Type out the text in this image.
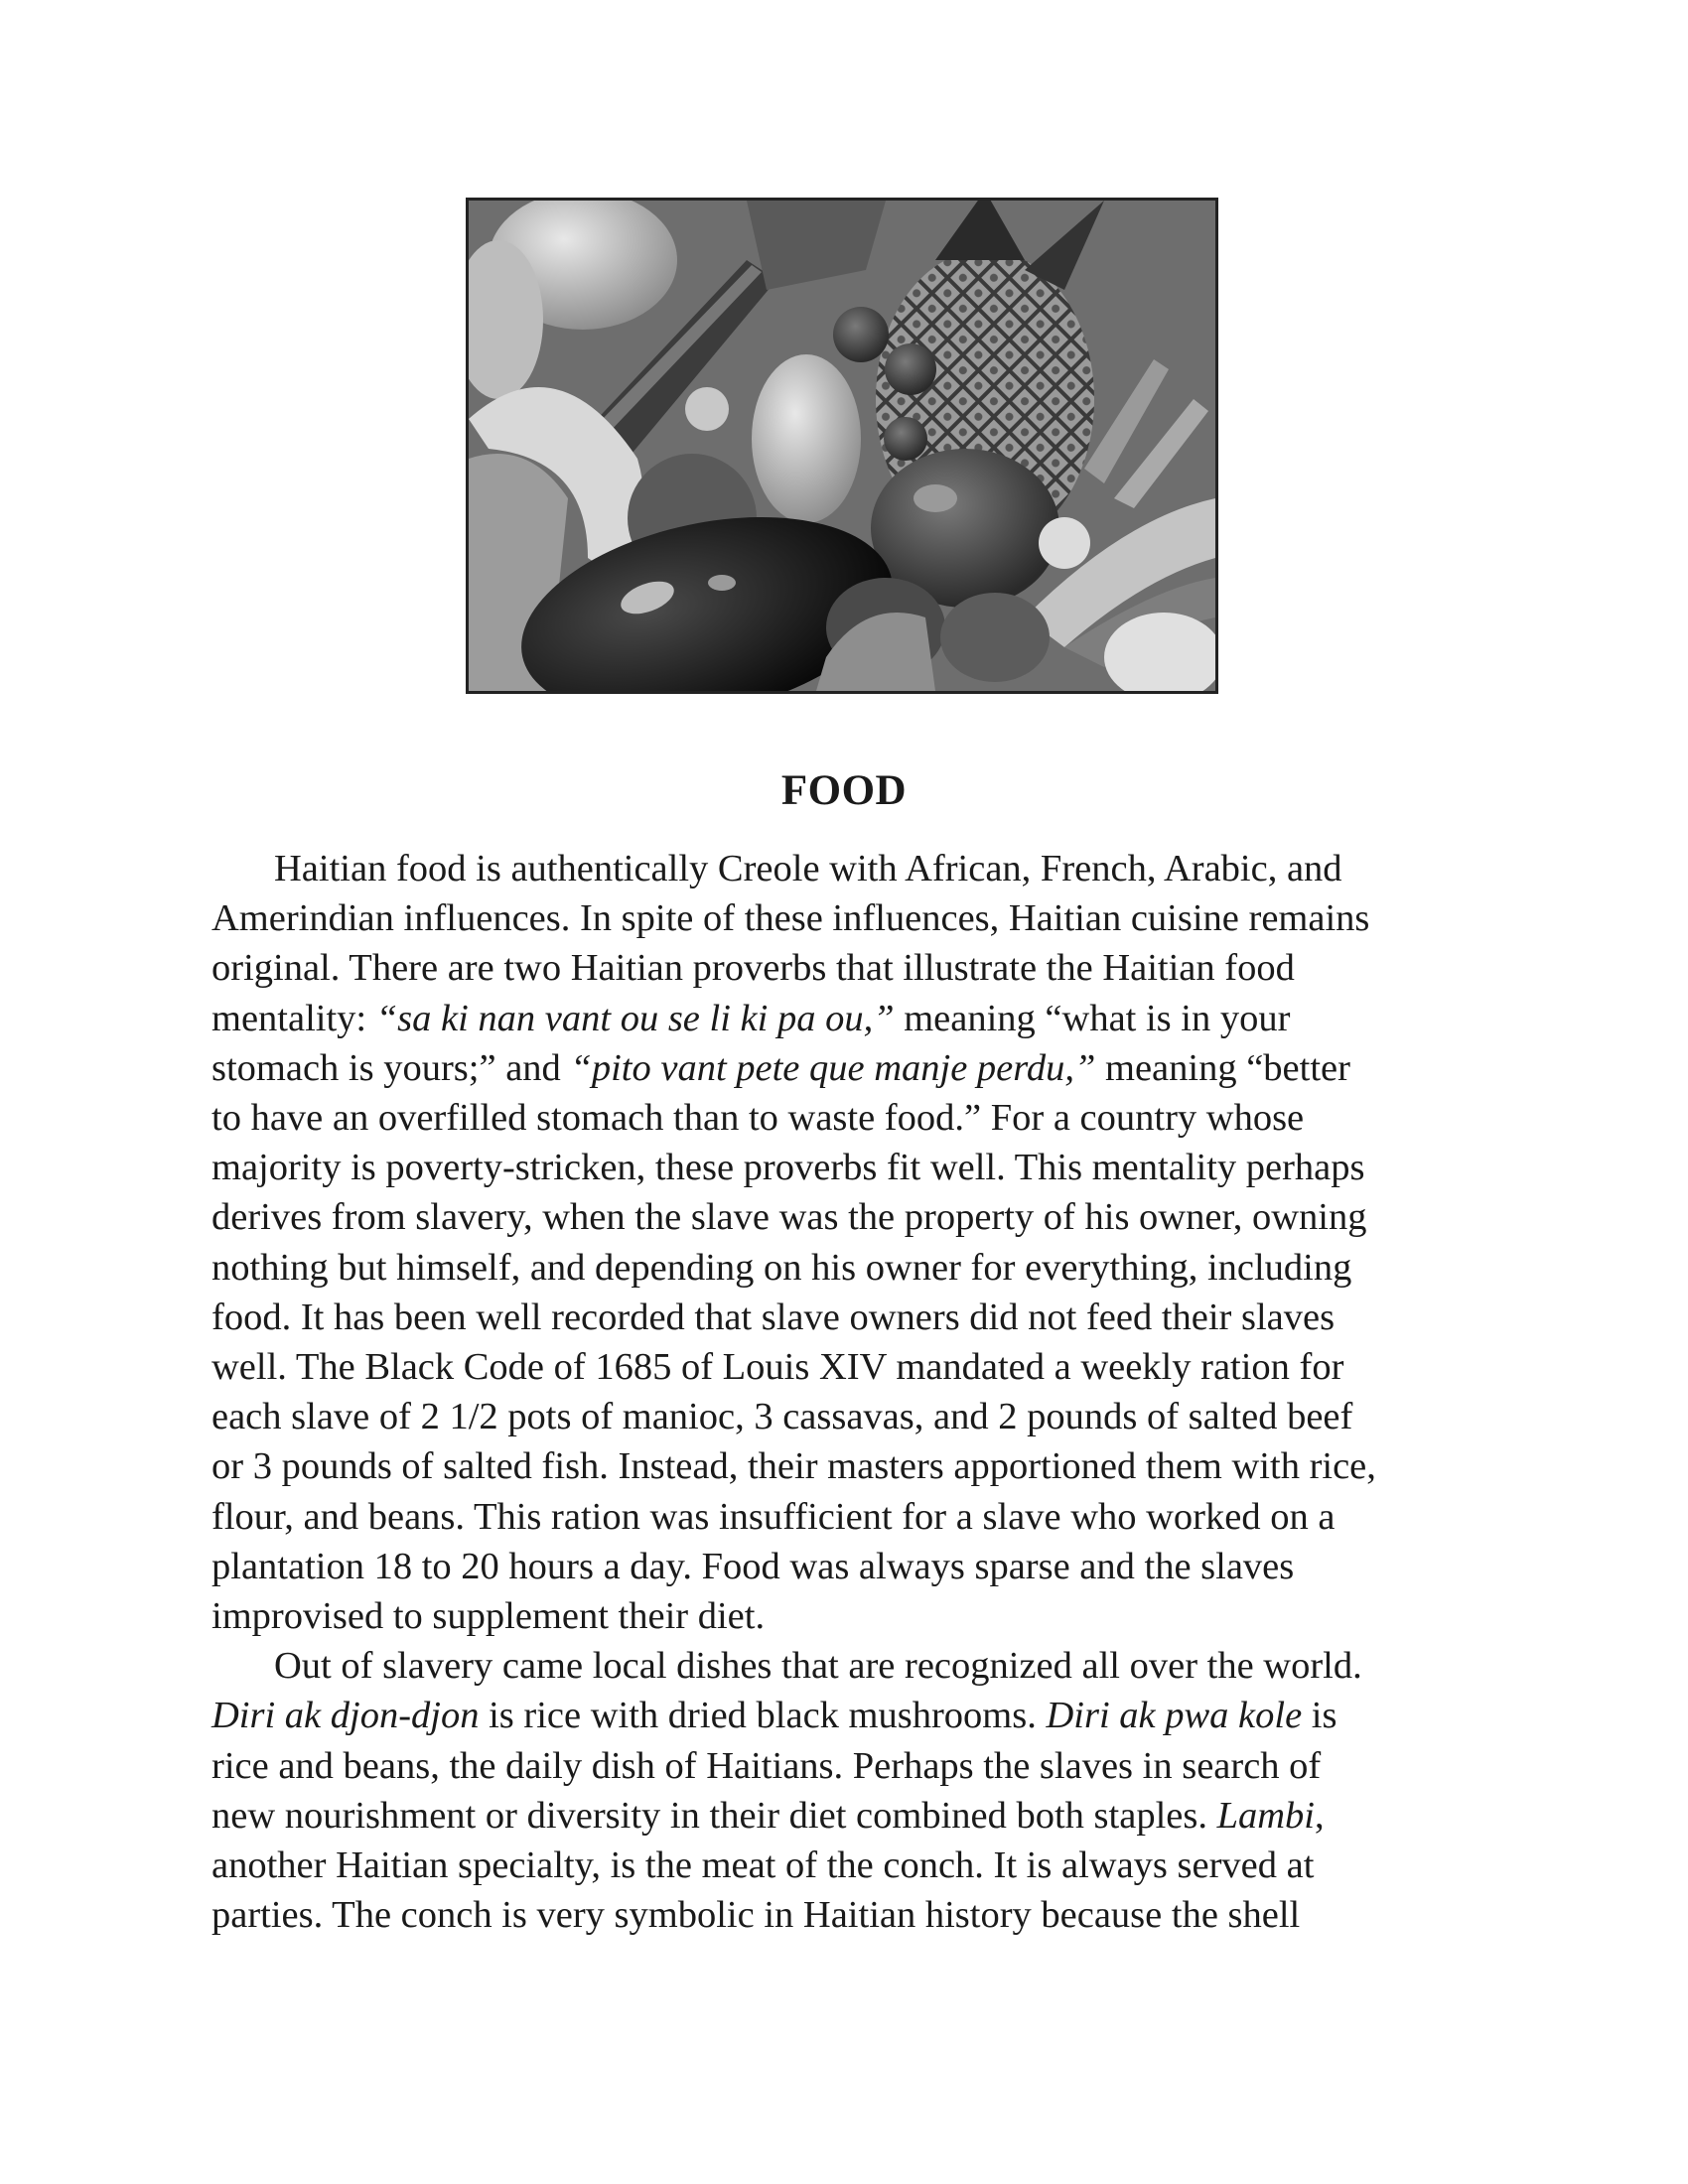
FOOD
Haitian food is authentically Creole with African, French, Arabic, and
Amerindian influences. In spite of these influences, Haitian cuisine remains
original. There are two Haitian proverbs that illustrate the Haitian food
mentality: “sa ki nan vant ou se li ki pa ou,” meaning “what is in your
stomach is yours;” and “pito vant pete que manje perdu,” meaning “better
to have an overfilled stomach than to waste food.” For a country whose
majority is poverty-stricken, these proverbs fit well. This mentality perhaps
derives from slavery, when the slave was the property of his owner, owning
nothing but himself, and depending on his owner for everything, including
food. It has been well recorded that slave owners did not feed their slaves
well. The Black Code of 1685 of Louis XIV mandated a weekly ration for
each slave of 2 1/2 pots of manioc, 3 cassavas, and 2 pounds of salted beef
or 3 pounds of salted fish. Instead, their masters apportioned them with rice,
flour, and beans. This ration was insufficient for a slave who worked on a
plantation 18 to 20 hours a day. Food was always sparse and the slaves
improvised to supplement their diet.
Out of slavery came local dishes that are recognized all over the world.
Diri ak djon-djon is rice with dried black mushrooms. Diri ak pwa kole is
rice and beans, the daily dish of Haitians. Perhaps the slaves in search of
new nourishment or diversity in their diet combined both staples. Lambi,
another Haitian specialty, is the meat of the conch. It is always served at
parties. The conch is very symbolic in Haitian history because the shell
